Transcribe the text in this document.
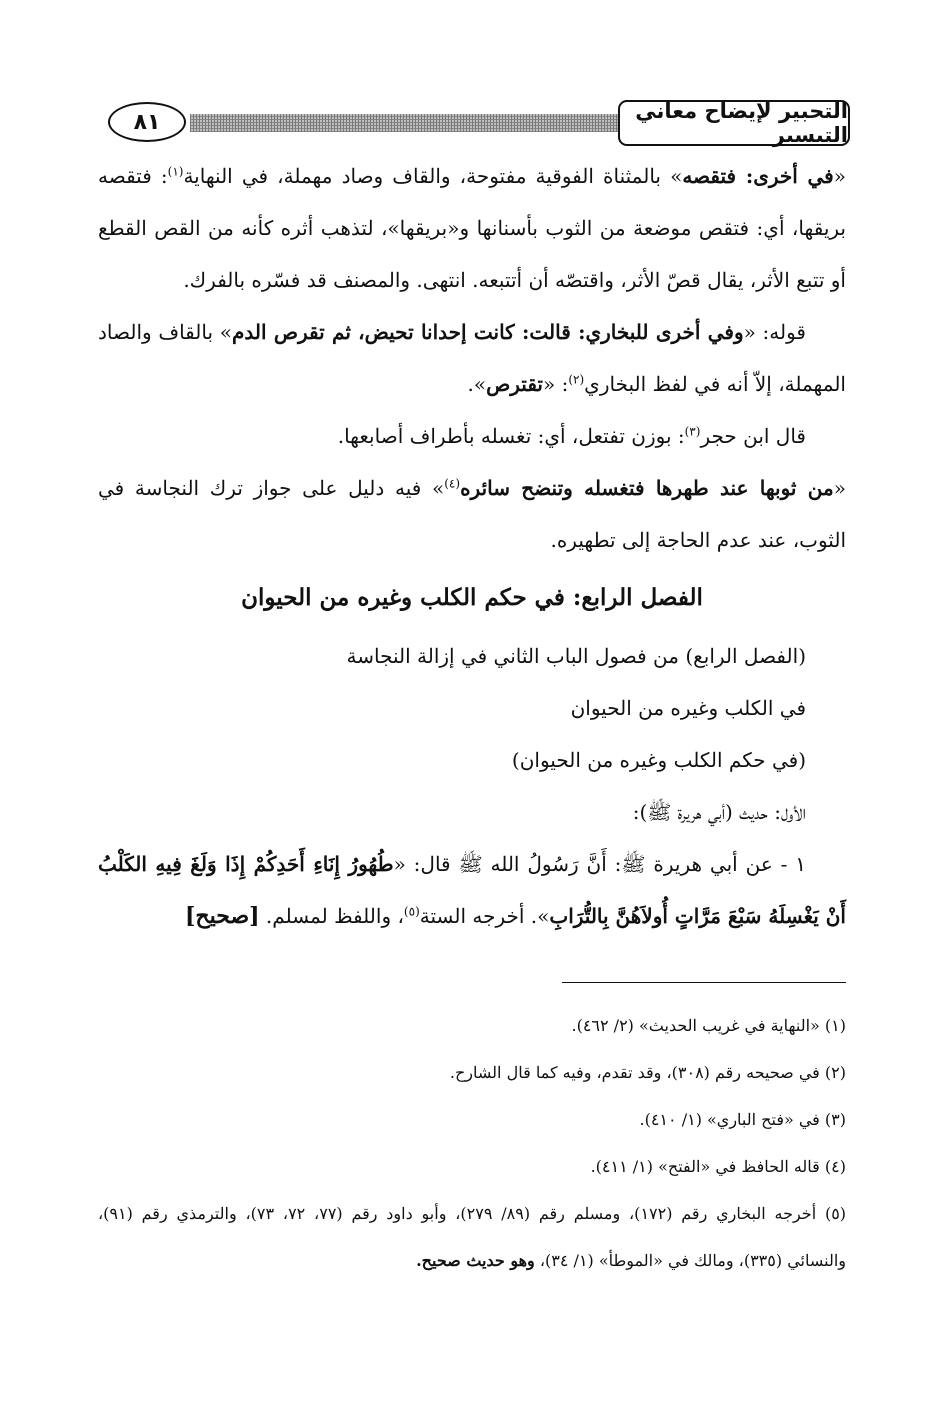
التحبير لإيضاح معاني التيسير
٨١

«في أخرى: فتقصه» بالمثناة الفوقية مفتوحة، والقاف وصاد مهملة، في النهاية$^{(١)}$: فتقصه بريقها، أي: فتقص موضعة من الثوب بأسنانها و«بريقها»، لتذهب أثره كأنه من القص القطع أو تتبع الأثر، يقال قصّ الأثر، واقتصّه أن أتتبعه. انتهى. والمصنف قد فسّره بالفرك.

قوله: «وفي أخرى للبخاري: قالت: كانت إحدانا تحيض، ثم تقرص الدم» بالقاف والصاد المهملة، إلاّ أنه في لفظ البخاري$^{(٢)}$: «تقترص».

قال ابن حجر$^{(٣)}$: بوزن تفتعل، أي: تغسله بأطراف أصابعها.

«من ثوبها عند طهرها فتغسله وتنضح سائره$^{(٤)}$» فيه دليل على جواز ترك النجاسة في الثوب، عند عدم الحاجة إلى تطهيره.

الفصل الرابع: في حكم الكلب وغيره من الحيوان

(الفصل الرابع) من فصول الباب الثاني في إزالة النجاسة

في الكلب وغيره من الحيوان

(في حكم الكلب وغيره من الحيوان)

الأول: حديث (أبي هريرة ﷺ):

١ - عن أبي هريرة ﷺ: أَنَّ رَسُولُ الله ﷺ قال: «طُهُورُ إِنَاءِ أَحَدِكُمْ إِذَا وَلَغَ فِيهِ الكَلْبُ أَنْ يَغْسِلَهُ سَبْعَ مَرَّاتٍ أُولاَهُنَّ بِالتُّرَابِ». أخرجه الستة$^{(٥)}$، واللفظ لمسلم. [صحيح]

(١) «النهاية في غريب الحديث» (٢/ ٤٦٢).

(٢) في صحيحه رقم (٣٠٨)، وقد تقدم، وفيه كما قال الشارح.

(٣) في «فتح الباري» (١/ ٤١٠).

(٤) قاله الحافظ في «الفتح» (١/ ٤١١).

(٥) أخرجه البخاري رقم (١٧٢)، ومسلم رقم (٨٩/ ٢٧٩)، وأبو داود رقم (٧٧، ٧٢، ٧٣)، والترمذي رقم (٩١)، والنسائي (٣٣٥)، ومالك في «الموطأ» (١/ ٣٤)، وهو حديث صحيح.
